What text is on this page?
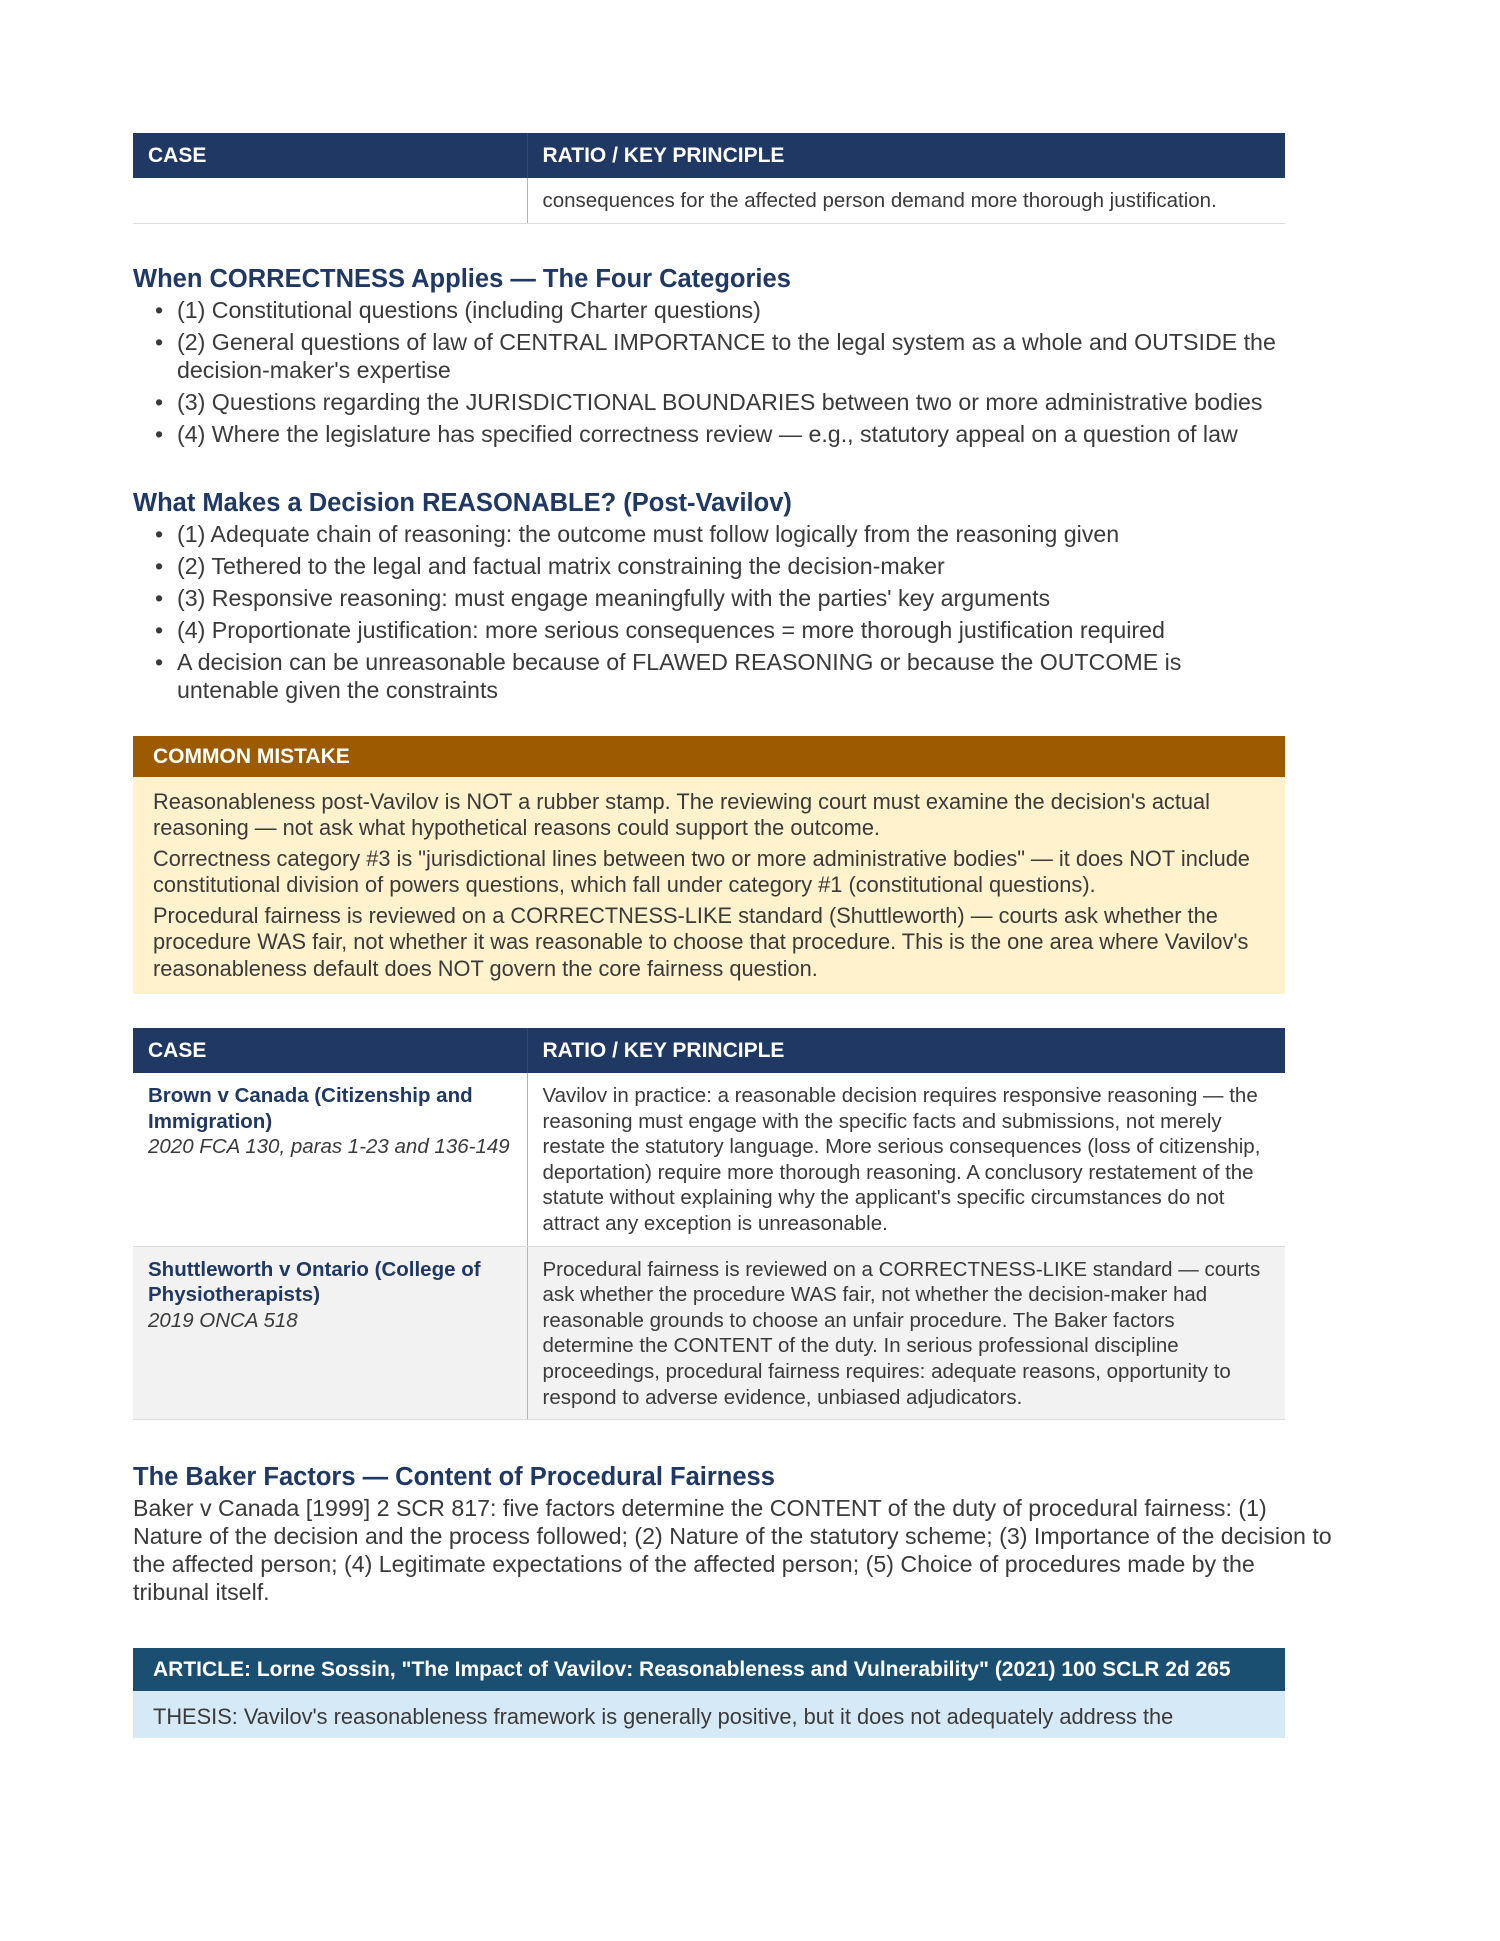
CASE	RATIO / KEY PRINCIPLE

	consequences for the affected person demand more thorough justification.
When CORRECTNESS Applies — The Four Categories
• (1) Constitutional questions (including Charter questions)
• (2) General questions of law of CENTRAL IMPORTANCE to the legal system as a whole and OUTSIDE the decision-maker's expertise
• (3) Questions regarding the JURISDICTIONAL BOUNDARIES between two or more administrative bodies
• (4) Where the legislature has specified correctness review — e.g., statutory appeal on a question of law
What Makes a Decision REASONABLE? (Post-Vavilov)
• (1) Adequate chain of reasoning: the outcome must follow logically from the reasoning given
• (2) Tethered to the legal and factual matrix constraining the decision-maker
• (3) Responsive reasoning: must engage meaningfully with the parties' key arguments
• (4) Proportionate justification: more serious consequences = more thorough justification required
• A decision can be unreasonable because of FLAWED REASONING or because the OUTCOME is untenable given the constraints
COMMON MISTAKE

Reasonableness post-Vavilov is NOT a rubber stamp. The reviewing court must examine the decision's actual reasoning — not ask what hypothetical reasons could support the outcome.

Correctness category #3 is "jurisdictional lines between two or more administrative bodies" — it does NOT include constitutional division of powers questions, which fall under category #1 (constitutional questions).

Procedural fairness is reviewed on a CORRECTNESS-LIKE standard (Shuttleworth) — courts ask whether the procedure WAS fair, not whether it was reasonable to choose that procedure. This is the one area where Vavilov's reasonableness default does NOT govern the core fairness question.

CASE	RATIO / KEY PRINCIPLE

Brown v Canada (Citizenship and Immigration)
2020 FCA 130, paras 1-23 and 136-149	Vavilov in practice: a reasonable decision requires responsive reasoning — the reasoning must engage with the specific facts and submissions, not merely restate the statutory language. More serious consequences (loss of citizenship, deportation) require more thorough reasoning. A conclusory restatement of the statute without explaining why the applicant's specific circumstances do not attract any exception is unreasonable.

Shuttleworth v Ontario (College of Physiotherapists)
2019 ONCA 518	Procedural fairness is reviewed on a CORRECTNESS-LIKE standard — courts ask whether the procedure WAS fair, not whether the decision-maker had reasonable grounds to choose an unfair procedure. The Baker factors determine the CONTENT of the duty. In serious professional discipline proceedings, procedural fairness requires: adequate reasons, opportunity to respond to adverse evidence, unbiased adjudicators.
The Baker Factors — Content of Procedural Fairness

Baker v Canada [1999] 2 SCR 817: five factors determine the CONTENT of the duty of procedural fairness: (1) Nature of the decision and the process followed; (2) Nature of the statutory scheme; (3) Importance of the decision to the affected person; (4) Legitimate expectations of the affected person; (5) Choice of procedures made by the tribunal itself.

ARTICLE: Lorne Sossin, "The Impact of Vavilov: Reasonableness and Vulnerability" (2021) 100 SCLR 2d 265
THESIS: Vavilov's reasonableness framework is generally positive, but it does not adequately address the
